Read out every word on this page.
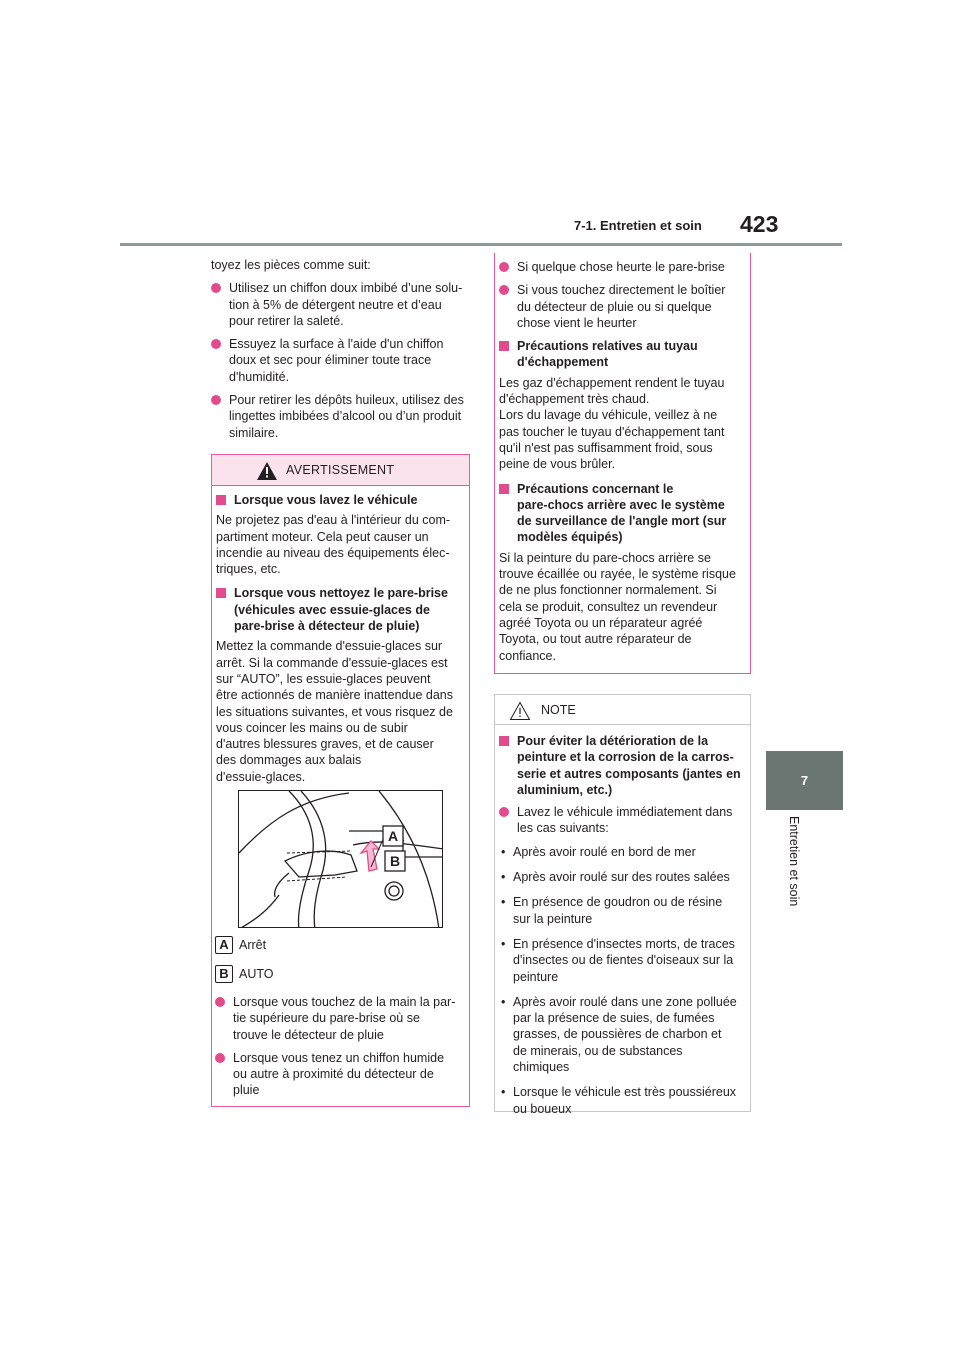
7-1. Entretien et soin 423
7
Entretien et soin
toyez les pièces comme suit:
Utilisez un chiffon doux imbibé d’une solu-
tion à 5% de détergent neutre et d’eau
pour retirer la saleté.
Essuyez la surface à l'aide d'un chiffon
doux et sec pour éliminer toute trace
d'humidité.
Pour retirer les dépôts huileux, utilisez des
lingettes imbibées d’alcool ou d’un produit
similaire.
AVERTISSEMENT
Lorsque vous lavez le véhicule
Ne projetez pas d'eau à l'intérieur du com-
partiment moteur. Cela peut causer un
incendie au niveau des équipements élec-
triques, etc.
Lorsque vous nettoyez le pare-brise
(véhicules avec essuie-glaces de
pare-brise à détecteur de pluie)
Mettez la commande d'essuie-glaces sur
arrêt. Si la commande d'essuie-glaces est
sur “AUTO”, les essuie-glaces peuvent
être actionnés de manière inattendue dans
les situations suivantes, et vous risquez de
vous coincer les mains ou de subir
d'autres blessures graves, et de causer
des dommages aux balais
d'essuie-glaces.
A
B
A Arrêt
B AUTO
Lorsque vous touchez de la main la par-
tie supérieure du pare-brise où se
trouve le détecteur de pluie
Lorsque vous tenez un chiffon humide
ou autre à proximité du détecteur de
pluie
Si quelque chose heurte le pare-brise
Si vous touchez directement le boîtier
du détecteur de pluie ou si quelque
chose vient le heurter
Précautions relatives au tuyau
d'échappement
Les gaz d'échappement rendent le tuyau
d'échappement très chaud.
Lors du lavage du véhicule, veillez à ne
pas toucher le tuyau d'échappement tant
qu'il n'est pas suffisamment froid, sous
peine de vous brûler.
Précautions concernant le
pare-chocs arrière avec le système
de surveillance de l'angle mort (sur
modèles équipés)
Si la peinture du pare-chocs arrière se
trouve écaillée ou rayée, le système risque
de ne plus fonctionner normalement. Si
cela se produit, consultez un revendeur
agréé Toyota ou un réparateur agréé
Toyota, ou tout autre réparateur de
confiance.
NOTE
Pour éviter la détérioration de la
peinture et la corrosion de la carros-
serie et autres composants (jantes en
aluminium, etc.)
Lavez le véhicule immédiatement dans
les cas suivants:
• Après avoir roulé en bord de mer
• Après avoir roulé sur des routes salées
• En présence de goudron ou de résine
sur la peinture
• En présence d'insectes morts, de traces
d'insectes ou de fientes d'oiseaux sur la
peinture
• Après avoir roulé dans une zone polluée
par la présence de suies, de fumées
grasses, de poussières de charbon et
de minerais, ou de substances
chimiques
• Lorsque le véhicule est très poussiéreux
ou boueux
